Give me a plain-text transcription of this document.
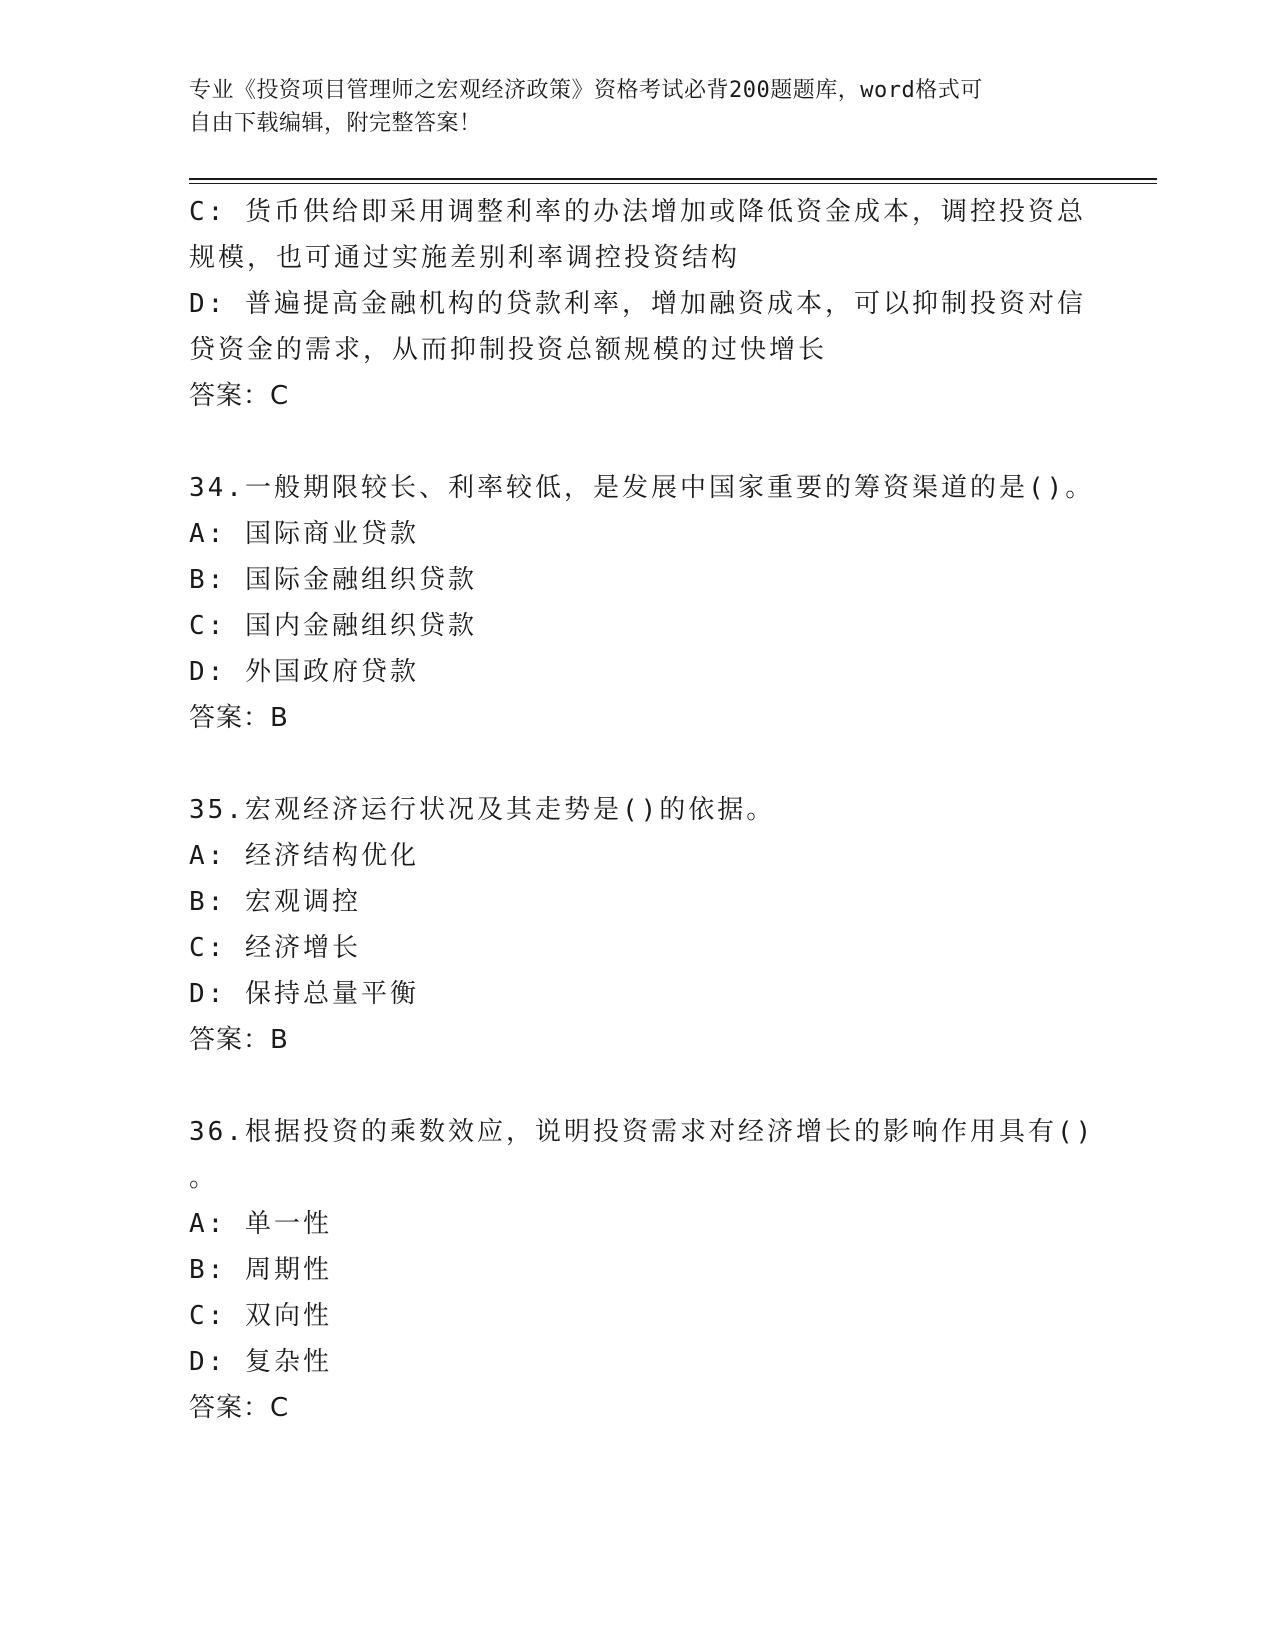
专业《投资项目管理师之宏观经济政策》资格考试必背200题题库，word格式可
自由下载编辑，附完整答案！
C: 货币供给即采用调整利率的办法增加或降低资金成本，调控投资总
规模，也可通过实施差别利率调控投资结构
D: 普遍提高金融机构的贷款利率，增加融资成本，可以抑制投资对信
贷资金的需求，从而抑制投资总额规模的过快增长
答案：C
34.一般期限较长、利率较低，是发展中国家重要的筹资渠道的是()。
A: 国际商业贷款
B: 国际金融组织贷款
C: 国内金融组织贷款
D: 外国政府贷款
答案：B
35.宏观经济运行状况及其走势是()的依据。
A: 经济结构优化
B: 宏观调控
C: 经济增长
D: 保持总量平衡
答案：B
36.根据投资的乘数效应，说明投资需求对经济增长的影响作用具有()
。
A: 单一性
B: 周期性
C: 双向性
D: 复杂性
答案：C
